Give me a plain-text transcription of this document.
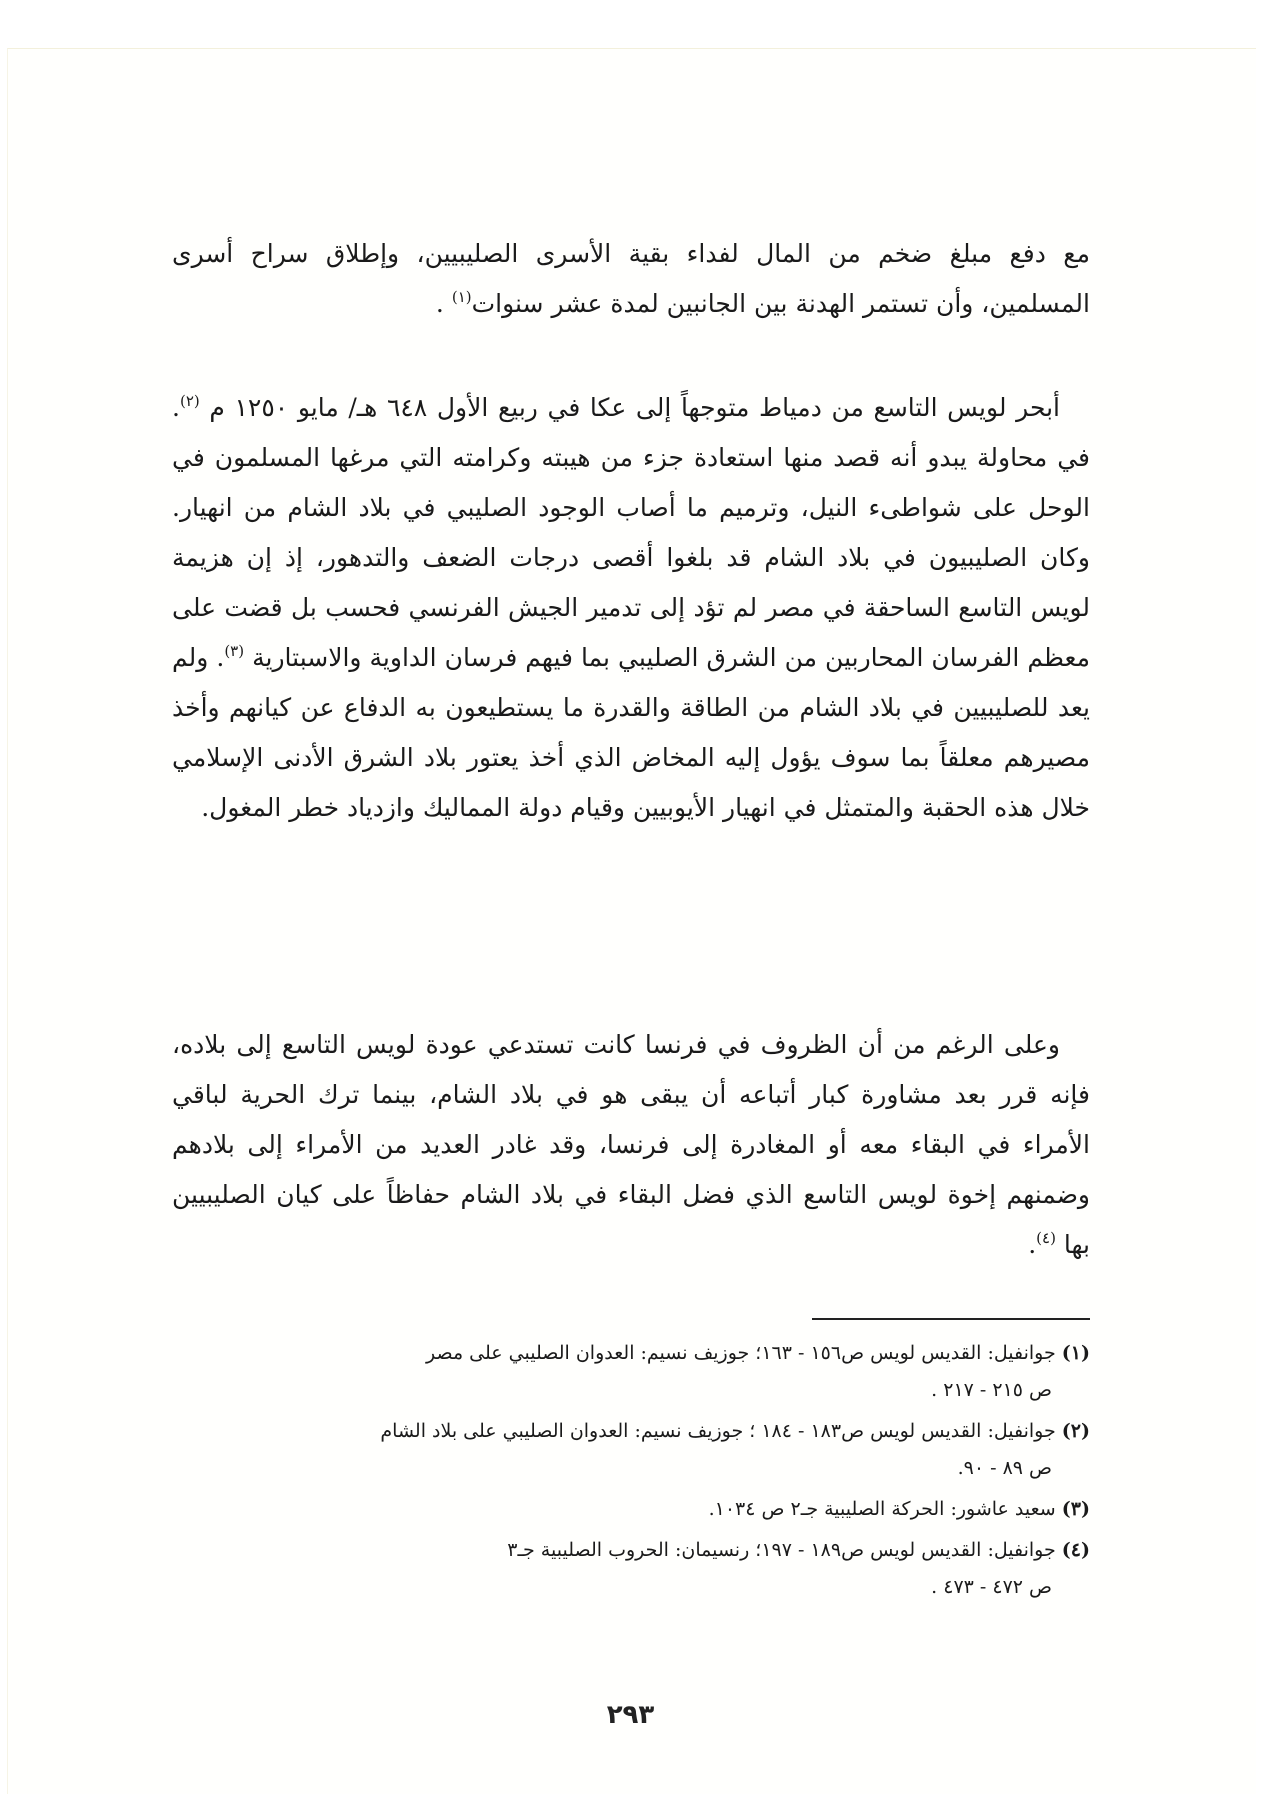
مع دفع مبلغ ضخم من المال لفداء بقية الأسرى الصليبيين، وإطلاق سراح أسرى المسلمين، وأن تستمر الهدنة بين الجانبين لمدة عشر سنوات$^{(١)}$ .

أبحر لويس التاسع من دمياط متوجهاً إلى عكا في ربيع الأول ٦٤٨ هـ/ مايو ١٢٥٠ م $^{(٢)}$. في محاولة يبدو أنه قصد منها استعادة جزء من هيبته وكرامته التي مرغها المسلمون في الوحل على شواطىء النيل، وترميم ما أصاب الوجود الصليبي في بلاد الشام من انهيار. وكان الصليبيون في بلاد الشام قد بلغوا أقصى درجات الضعف والتدهور، إذ إن هزيمة لويس التاسع الساحقة في مصر لم تؤد إلى تدمير الجيش الفرنسي فحسب بل قضت على معظم الفرسان المحاربين من الشرق الصليبي بما فيهم فرسان الداوية والاسبتارية $^{(٣)}$. ولم يعد للصليبيين في بلاد الشام من الطاقة والقدرة ما يستطيعون به الدفاع عن كيانهم وأخذ مصيرهم معلقاً بما سوف يؤول إليه المخاض الذي أخذ يعتور بلاد الشرق الأدنى الإسلامي خلال هذه الحقبة والمتمثل في انهيار الأيوبيين وقيام دولة المماليك وازدياد خطر المغول.

وعلى الرغم من أن الظروف في فرنسا كانت تستدعي عودة لويس التاسع إلى بلاده، فإنه قرر بعد مشاورة كبار أتباعه أن يبقى هو في بلاد الشام، بينما ترك الحرية لباقي الأمراء في البقاء معه أو المغادرة إلى فرنسا، وقد غادر العديد من الأمراء إلى بلادهم وضمنهم إخوة لويس التاسع الذي فضل البقاء في بلاد الشام حفاظاً على كيان الصليبيين بها $^{(٤)}$.

(١) جوانفيل: القديس لويس ص١٥٦ - ١٦٣؛ جوزيف نسيم: العدوان الصليبي على مصر
ص ٢١٥ - ٢١٧ .

(٢) جوانفيل: القديس لويس ص١٨٣ - ١٨٤ ؛ جوزيف نسيم: العدوان الصليبي على بلاد الشام
ص ٨٩ - ٩٠.

(٣) سعيد عاشور: الحركة الصليبية جـ٢ ص ١٠٣٤.

(٤) جوانفيل: القديس لويس ص١٨٩ - ١٩٧؛ رنسيمان: الحروب الصليبية جـ٣
ص ٤٧٢ - ٤٧٣ .

٢٩٣
